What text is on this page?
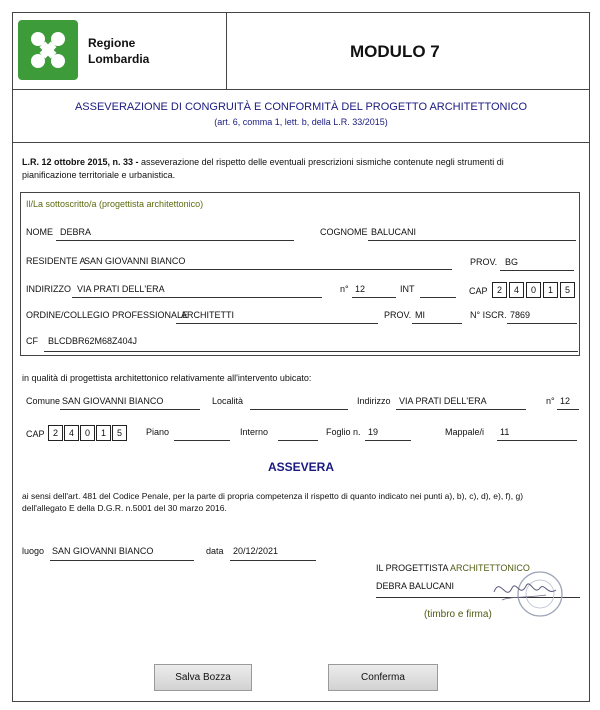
Regione
Lombardia	MODULO 7
ASSEVERAZIONE DI CONGRUITÀ E CONFORMITÀ DEL PROGETTO ARCHITETTONICO
(art. 6, comma 1, lett. b, della L.R. 33/2015)
L.R. 12 ottobre 2015, n. 33 - asseverazione del rispetto delle eventuali prescrizioni sismiche contenute negli strumenti di
pianificazione territoriale e urbanistica.
Il/La sottoscritto/a (progettista architettonico)
NOME DEBRA	COGNOME BALUCANI
RESIDENTE A
SAN GIOVANNI BIANCO	PROV. BG
INDIRIZZO VIA PRATI DELL'ERA	n° 12	INT	CAP	2	4	0	1	5
ORDINE/COLLEGIO PROFESSIONALE
ARCHITETTI	PROV. MI	N° ISCR. 7869
CF BLCDBR62M68Z404J
in qualità di progettista architettonico relativamente all'intervento ubicato:
Comune SAN GIOVANNI BIANCO	Località	Indirizzo VIA PRATI DELL'ERA	n° 12
CAP 2	4	0	1	5	Piano	Interno	Foglio n. 19	Mappale/i 11
ASSEVERA
ai sensi dell'art. 481 del Codice Penale, per la parte di propria competenza il rispetto di quanto indicato nei punti a), b), c), d), e), f), g)
dell'allegato E della D.G.R. n.5001 del 30 marzo 2016.
luogo SAN GIOVANNI BIANCO	data 20/12/2021
IL PROGETTISTA ARCHITETTONICO
DEBRA BALUCANI
(timbro e firma)
Salva Bozza	Conferma
